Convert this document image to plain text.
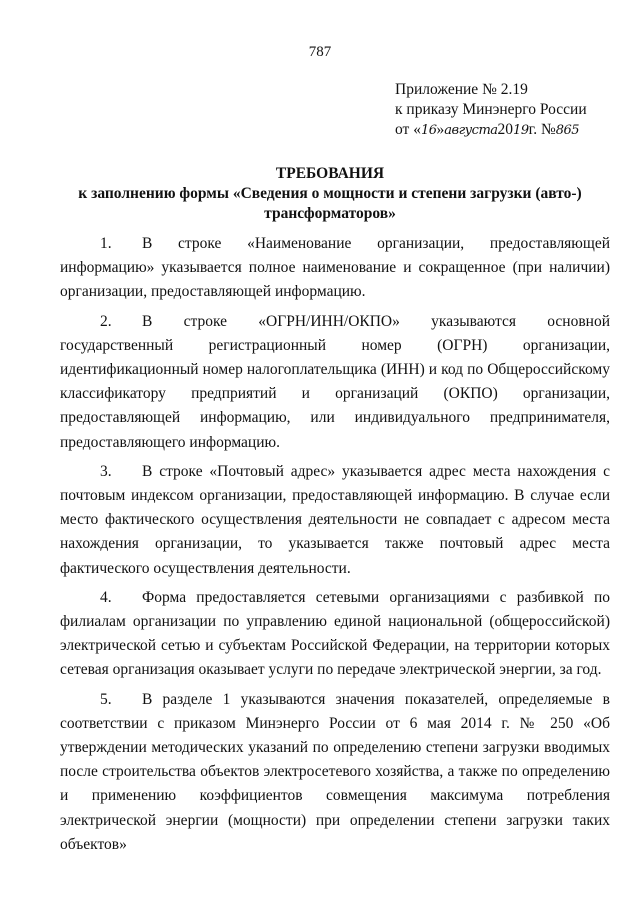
787
Приложение № 2.19
к приказу Минэнерго России
от «16»августа2019г. №865
ТРЕБОВАНИЯ
к заполнению формы «Сведения о мощности и степени загрузки (авто-) трансформаторов»

1. В строке «Наименование организации, предоставляющей информацию» указывается полное наименование и сокращенное (при наличии) организации, предоставляющей информацию.

2. В строке «ОГРН/ИНН/ОКПО» указываются основной государственный регистрационный номер (ОГРН) организации, идентификационный номер налогоплательщика (ИНН) и код по Общероссийскому классификатору предприятий и организаций (ОКПО) организации, предоставляющей информацию, или индивидуального предпринимателя, предоставляющего информацию.

3. В строке «Почтовый адрес» указывается адрес места нахождения с почтовым индексом организации, предоставляющей информацию. В случае если место фактического осуществления деятельности не совпадает с адресом места нахождения организации, то указывается также почтовый адрес места фактического осуществления деятельности.

4. Форма предоставляется сетевыми организациями с разбивкой по филиалам организации по управлению единой национальной (общероссийской) электрической сетью и субъектам Российской Федерации, на территории которых сетевая организация оказывает услуги по передаче электрической энергии, за год.

5. В разделе 1 указываются значения показателей, определяемые в соответствии с приказом Минэнерго России от 6 мая 2014 г. № 250 «Об утверждении методических указаний по определению степени загрузки вводимых после строительства объектов электросетевого хозяйства, а также по определению и применению коэффициентов совмещения максимума потребления электрической энергии (мощности) при определении степени загрузки таких объектов»
